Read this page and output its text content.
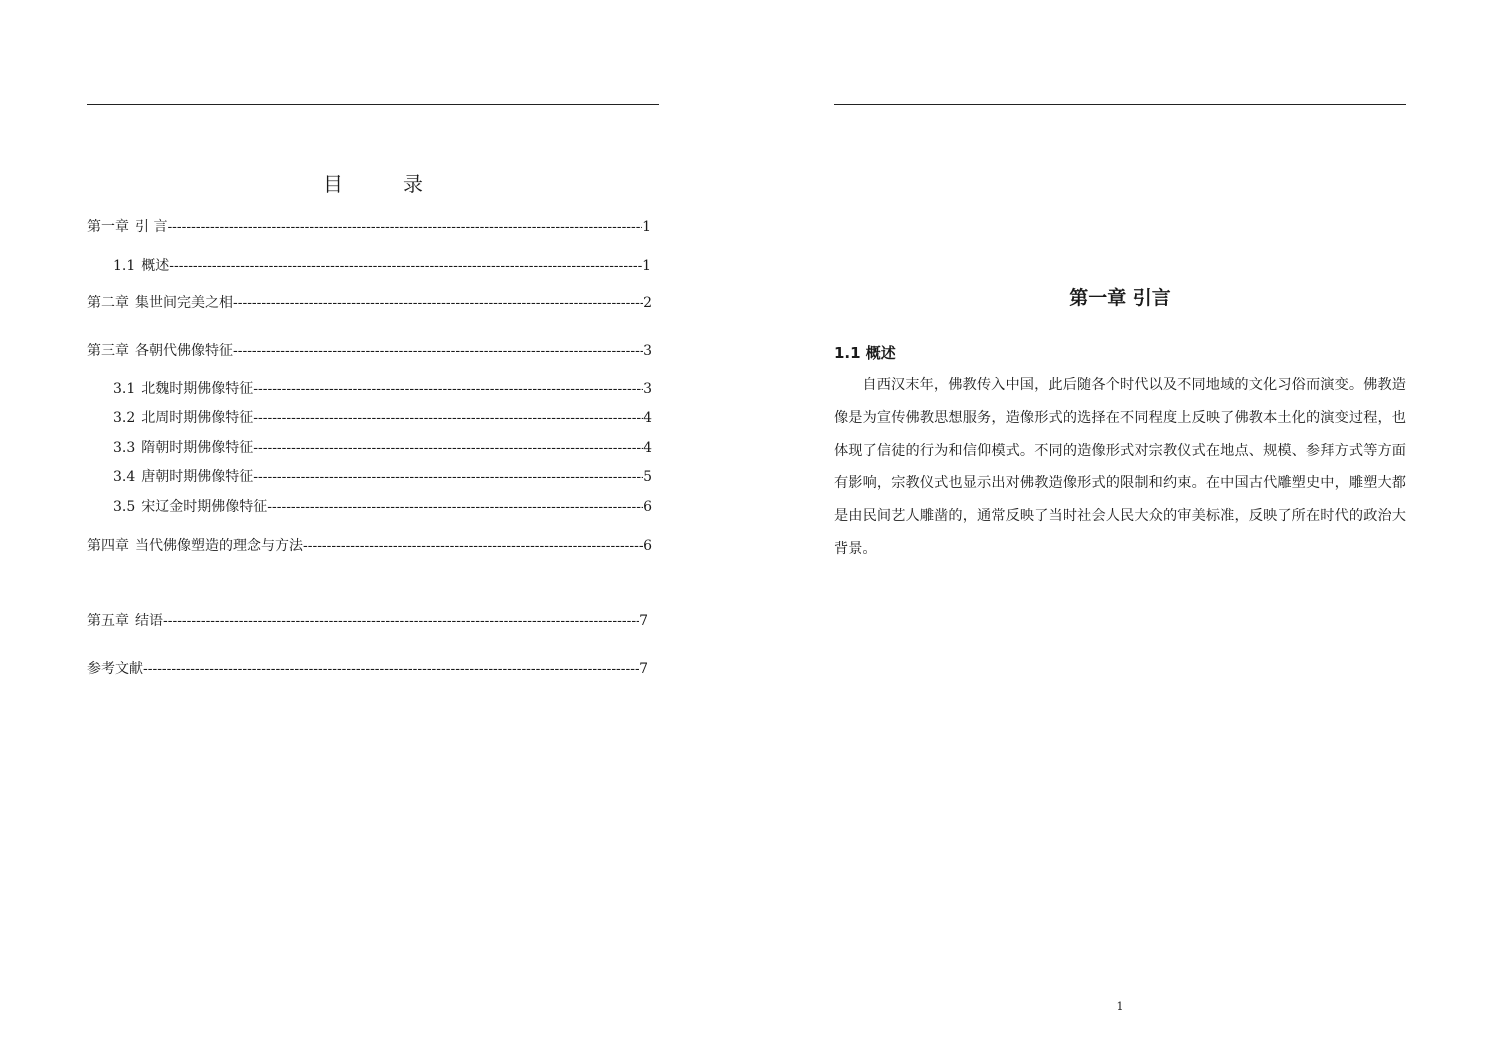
目　录
第一章 引 言 -----	1
1.1 概述 -----	1
第二章 集世间完美之相 -----	2
第三章 各朝代佛像特征 -----	3
3.1 北魏时期佛像特征 -----	3
3.2 北周时期佛像特征 -----	4
3.3 隋朝时期佛像特征 -----	4
3.4 唐朝时期佛像特征 -----	5
3.5 宋辽金时期佛像特征 -----	6
第四章 当代佛像塑造的理念与方法 -----	6
第五章 结语 -----	7
参考文献 -----	7
第一章 引言
1.1 概述

自西汉末年，佛教传入中国，此后随各个时代以及不同地域的文化习俗而演变。佛教造像是为宣传佛教思想服务，造像形式的选择在不同程度上反映了佛教本土化的演变过程，也体现了信徒的行为和信仰模式。不同的造像形式对宗教仪式在地点、规模、参拜方式等方面有影响，宗教仪式也显示出对佛教造像形式的限制和约束。在中国古代雕塑史中，雕塑大都是由民间艺人雕凿的，通常反映了当时社会人民大众的审美标准，反映了所在时代的政治大背景。

1
